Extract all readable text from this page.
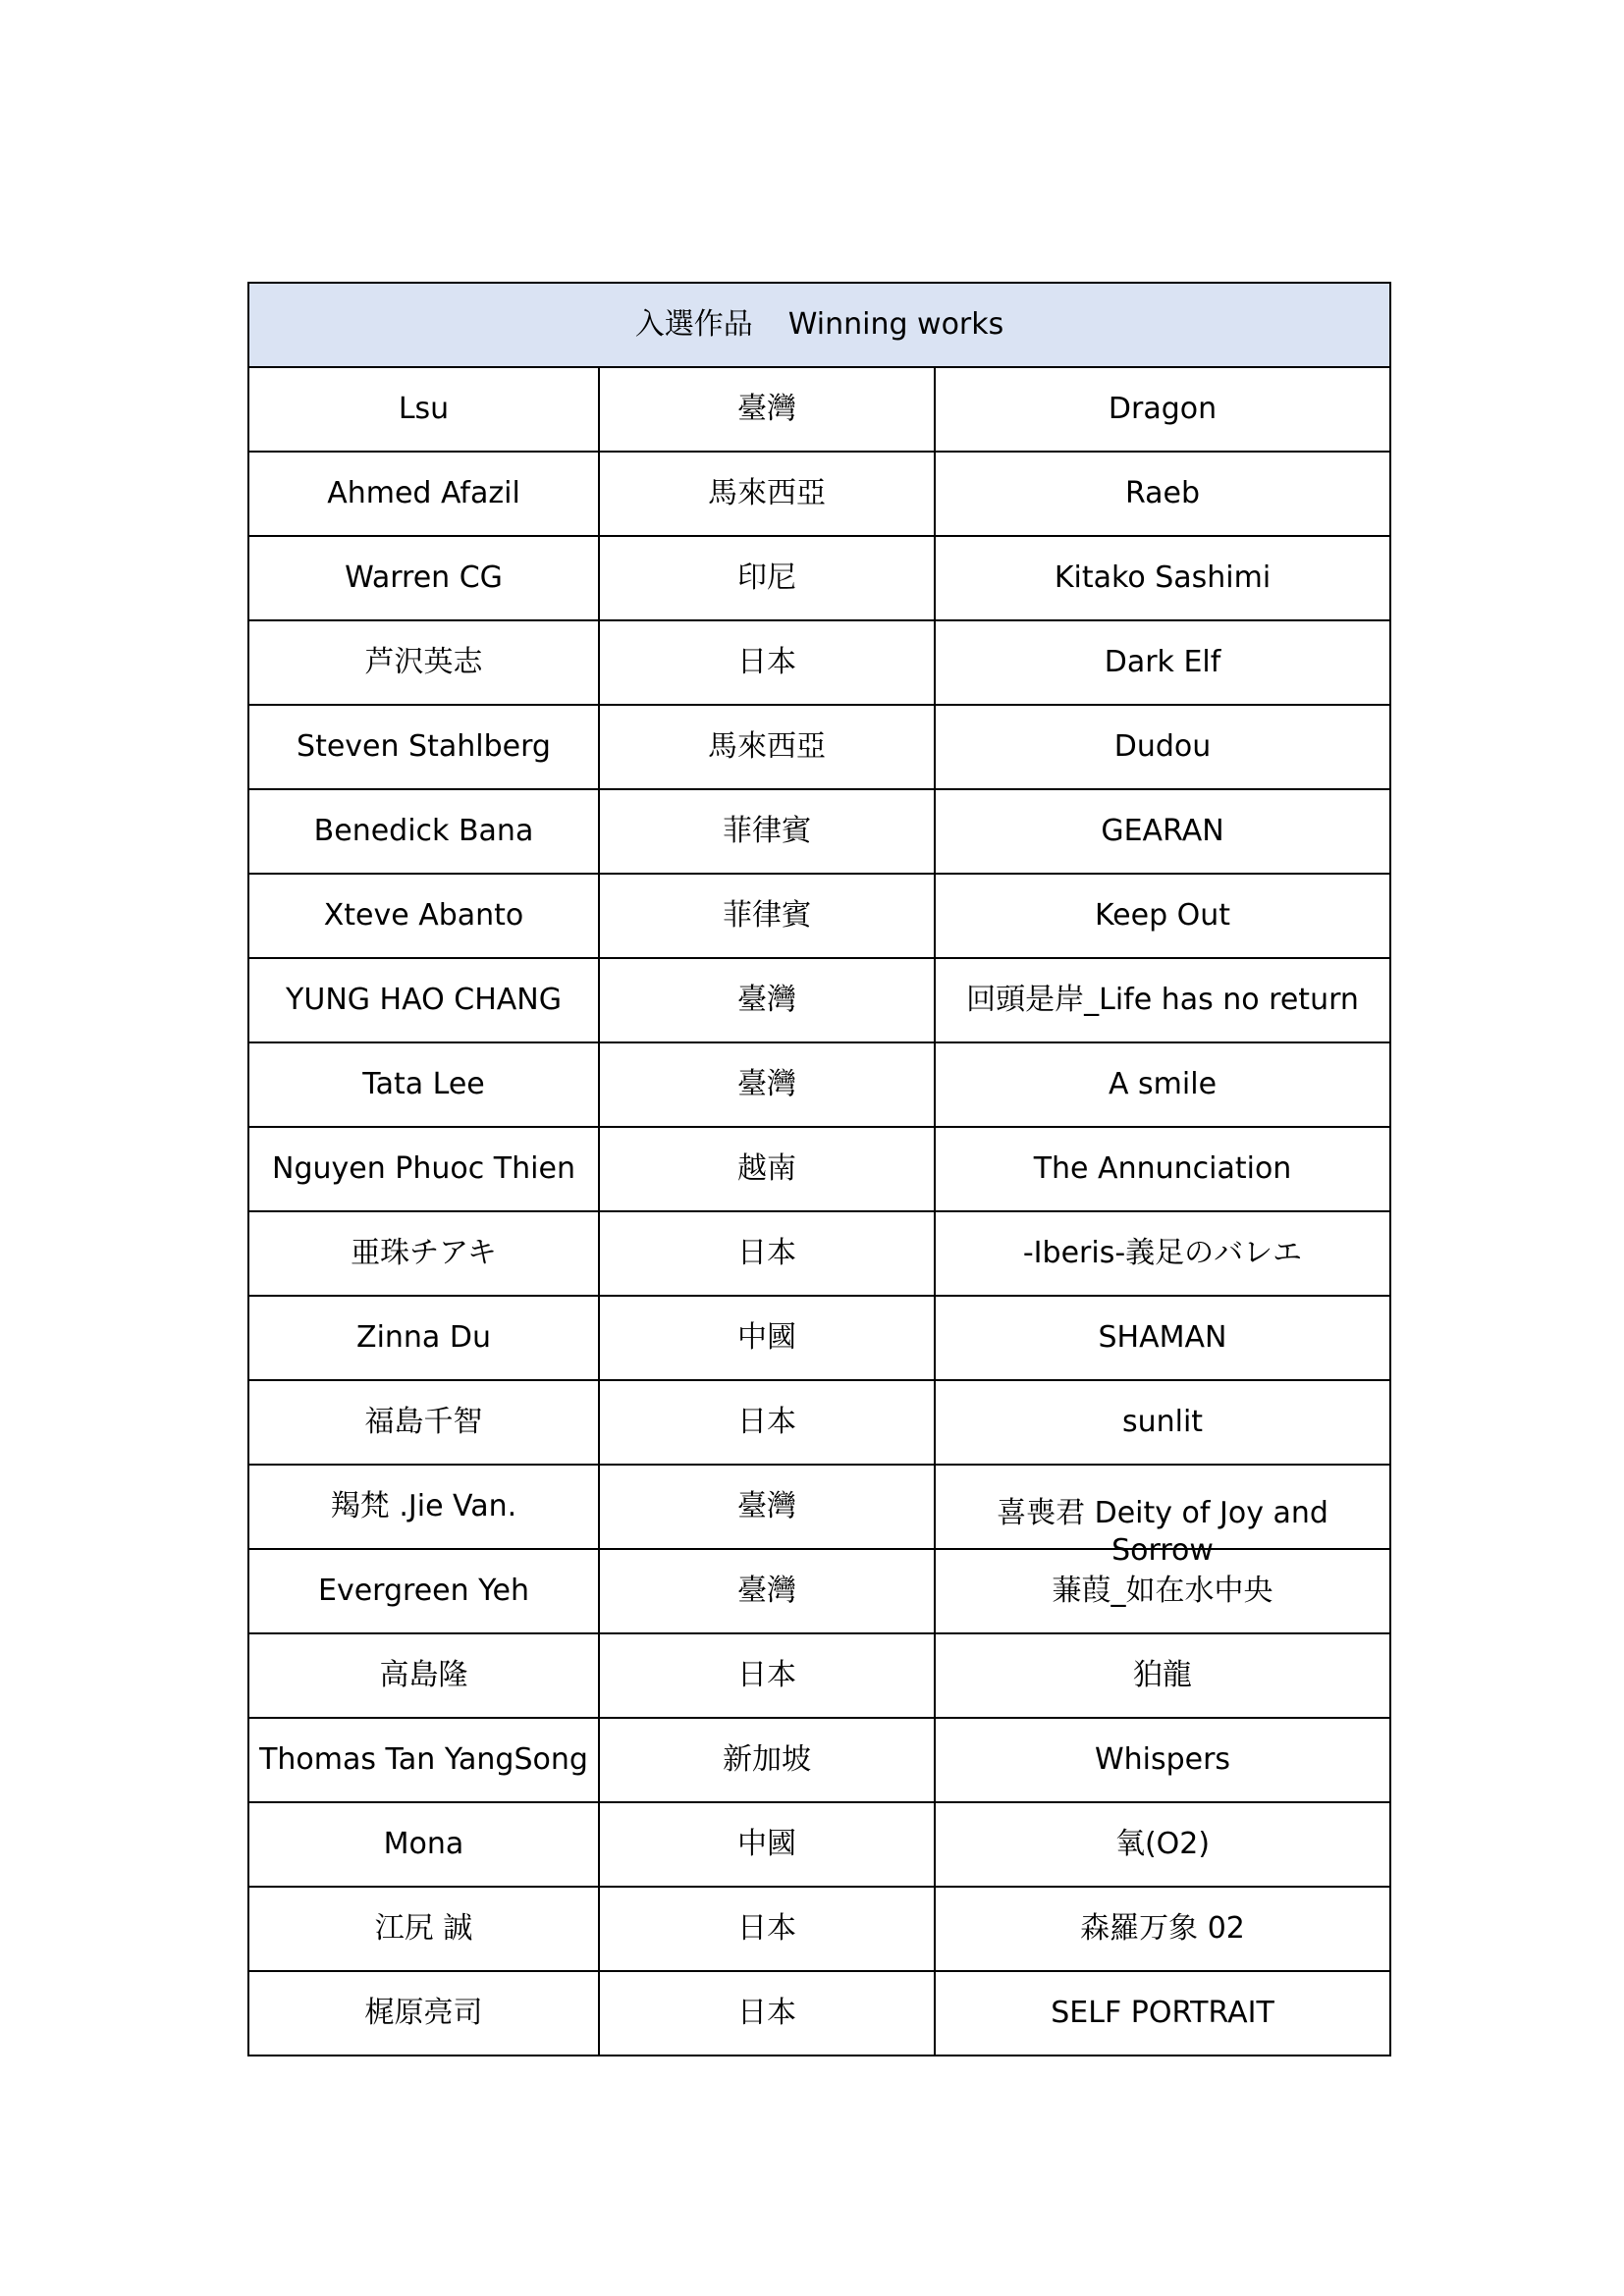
入選作品 Winning works		
Lsu	臺灣	Dragon
Ahmed Afazil	馬來西亞	Raeb
Warren CG	印尼	Kitako Sashimi
芦沢英志	日本	Dark Elf
Steven Stahlberg	馬來西亞	Dudou
Benedick Bana	菲律賓	GEARAN
Xteve Abanto	菲律賓	Keep Out
YUNG HAO CHANG	臺灣	回頭是岸_Life has no return
Tata Lee	臺灣	A smile
Nguyen Phuoc Thien	越南	The Annunciation
亜珠チアキ	日本	-Iberis-義足のバレエ
Zinna Du	中國	SHAMAN
福島千智	日本	sunlit
羯梵 .Jie Van.	臺灣	喜喪君 Deity of Joy and Sorrow

Evergreen Yeh	臺灣	蒹葭_如在水中央
高島隆	日本	狛龍
Thomas Tan YangSong	新加坡	Whispers
Mona	中國	氧(O2)
江尻 誠	日本	森羅万象 02
梶原亮司	日本	SELF PORTRAIT
